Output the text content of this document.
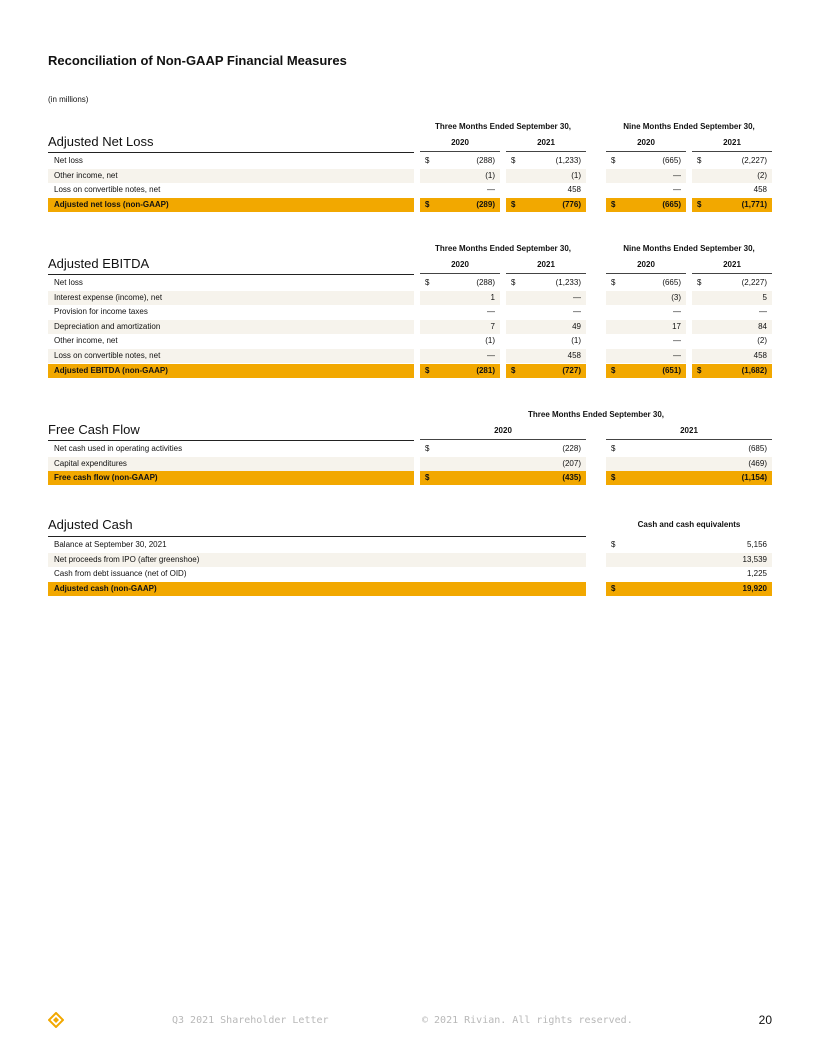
Reconciliation of Non-GAAP Financial Measures
(in millions)
Adjusted Net Loss
Three Months Ended September 30,	Nine Months Ended September 30,
2020	2021	2020	2021
Net loss	$	(288) $	(1,233)	$	(665) $	(2,227)
Other income, net	(1)	(1)	—	(2)
Loss on convertible notes, net	—	458	—	458
Adjusted net loss (non-GAAP)	$	(289) $	(776)	$	(665) $	(1,771)
Adjusted EBITDA
Three Months Ended September 30,	Nine Months Ended September 30,
2020	2021	2020	2021
Net loss	$	(288) $	(1,233)	$	(665) $	(2,227)
Interest expense (income), net	1	—	(3)	5
Provision for income taxes	—	—	—	—
Depreciation and amortization	7	49	17	84
Other income, net	(1)	(1)	—	(2)
Loss on convertible notes, net	—	458	—	458
Adjusted EBITDA (non-GAAP)	$	(281) $	(727)	$	(651) $	(1,682)
Free Cash Flow
Three Months Ended September 30,
2020	2021
Net cash used in operating activities	$	(228)	$	(685)
Capital expenditures	(207)	(469)
Free cash flow (non-GAAP)	$	(435)	$	(1,154)
Adjusted Cash	Cash and cash equivalents
Balance at September 30, 2021	$	5,156
Net proceeds from IPO (after greenshoe)	13,539
Cash from debt issuance (net of OID)	1,225
Adjusted cash (non-GAAP)	$	19,920
Q3 2021 Shareholder Letter	© 2021 Rivian. All rights reserved.	20
